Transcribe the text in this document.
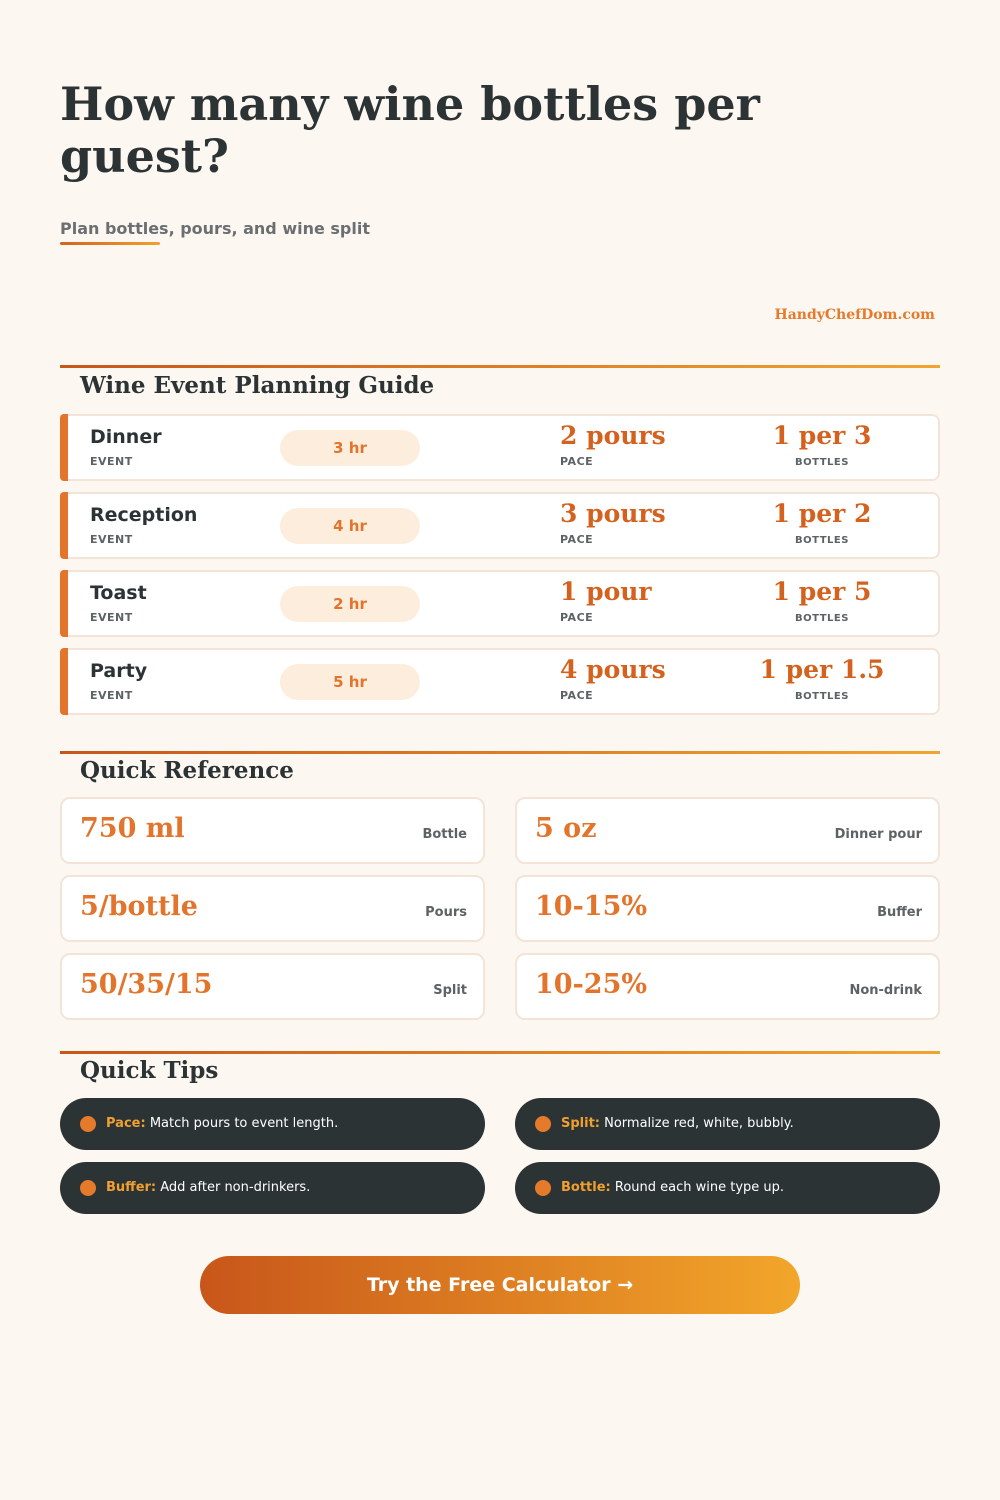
How many wine bottles per guest?
Plan bottles, pours, and wine split
HandyChefDom.com
Wine Event Planning Guide
Dinner
EVENT
3 hr	2 pours
PACE
1 per 3
BOTTLES
Reception
EVENT
4 hr	3 pours
PACE
1 per 2
BOTTLES
Toast
EVENT
2 hr	1 pour
PACE
1 per 5
BOTTLES
Party
EVENT
5 hr	4 pours
PACE
1 per 1.5
BOTTLES
Quick Reference
750 ml	Bottle	5 oz	Dinner pour
5/bottle	Pours	10-15%	Buffer
50/35/15	Split	10-25%	Non-drink
Quick Tips
Pace: Match pours to event length.	Split: Normalize red, white, bubbly.
Buffer: Add after non-drinkers.	Bottle: Round each wine type up.
Try the Free Calculator →
